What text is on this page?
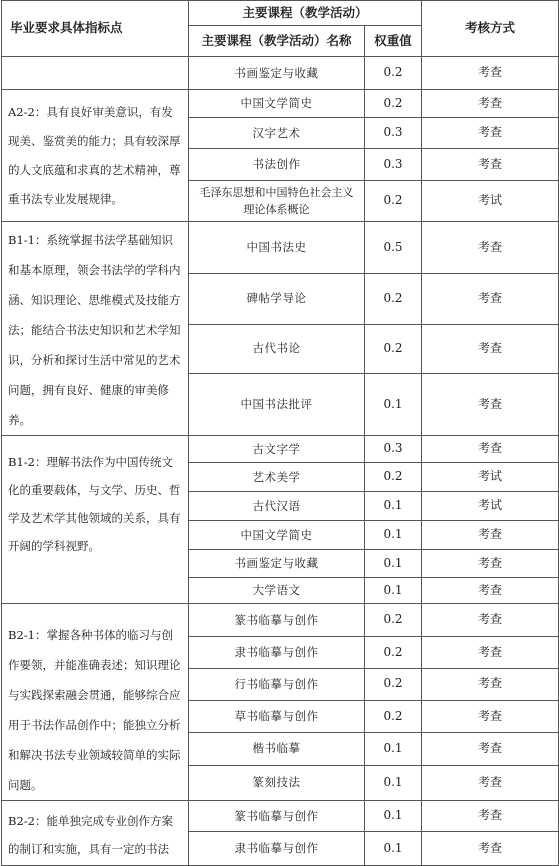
毕业要求具体指标点	主要课程（教学活动）		考核方式
	主要课程（教学活动）名称	权重值	
	书画鉴定与收藏	0.2	考查
A2-2：具有良好审美意识，有发现美、鉴赏美的能力；具有较深厚的人文底蕴和求真的艺术精神，尊重书法专业发展规律。	中国文学简史	0.2	考查
	汉字艺术	0.3	考查
	书法创作	0.3	考查
	毛泽东思想和中国特色社会主义理论体系概论	0.2	考试
B1-1：系统掌握书法学基础知识和基本原理，领会书法学的学科内涵、知识理论、思维模式及技能方法；能结合书法史知识和艺术学知识，分析和探讨生活中常见的艺术问题，拥有良好、健康的审美修养。	中国书法史	0.5	考查
	碑帖学导论	0.2	考查
	古代书论	0.2	考查
	中国书法批评	0.1	考查
B1-2：理解书法作为中国传统文化的重要载体，与文学、历史、哲学及艺术学其他领域的关系，具有开阔的学科视野。	古文字学	0.3	考查
	艺术美学	0.2	考试
	古代汉语	0.1	考试
	中国文学简史	0.1	考查
	书画鉴定与收藏	0.1	考查
	大学语文	0.1	考查
B2-1：掌握各种书体的临习与创作要领，并能准确表述；知识理论与实践探索融会贯通，能够综合应用于书法作品创作中；能独立分析和解决书法专业领域较简单的实际问题。	篆书临摹与创作	0.2	考查
	隶书临摹与创作	0.2	考查
	行书临摹与创作	0.2	考查
	草书临摹与创作	0.2	考查
	楷书临摹	0.1	考查
	篆刻技法	0.1	考查
B2-2：能单独完成专业创作方案的制订和实施，具有一定的书法	篆书临摹与创作	0.1	考查
	隶书临摹与创作	0.1	考查
